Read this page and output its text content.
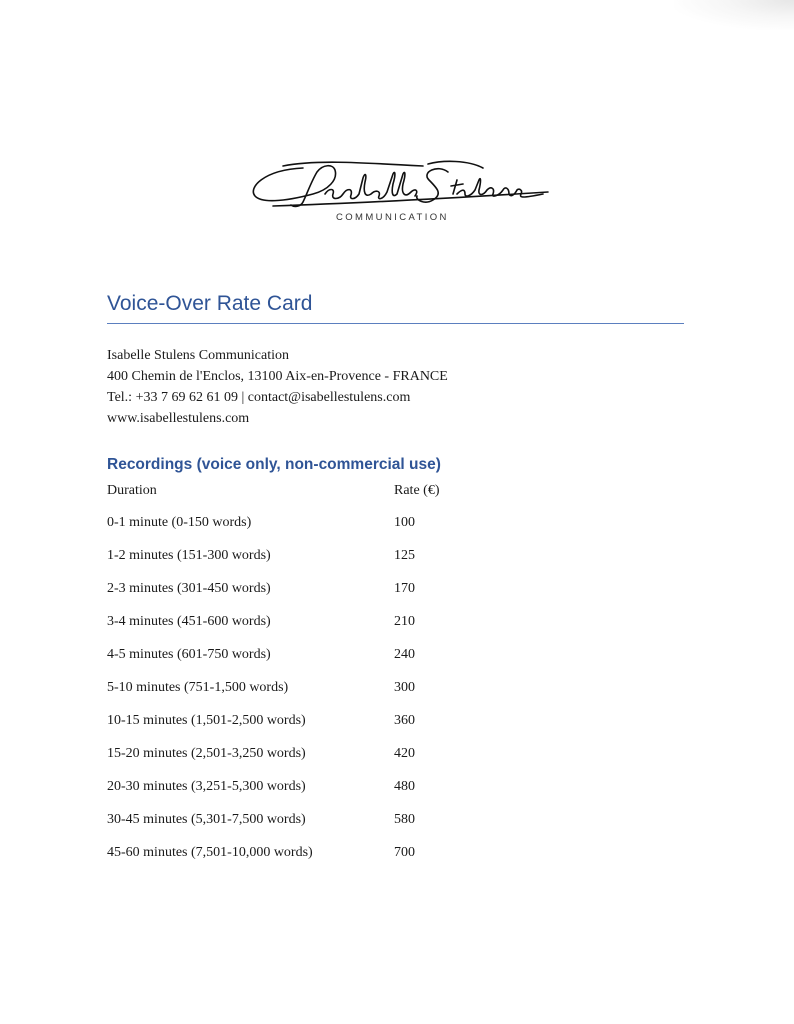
COMMUNICATION
Voice-Over Rate Card
Isabelle Stulens Communication
400 Chemin de l'Enclos, 13100 Aix-en-Provence - FRANCE
Tel.: +33 7 69 62 61 09 | contact@isabellestulens.com
www.isabellestulens.com
Recordings (voice only, non-commercial use)
Duration	Rate (€)
0-1 minute (0-150 words)	100
1-2 minutes (151-300 words)	125
2-3 minutes (301-450 words)	170
3-4 minutes (451-600 words)	210
4-5 minutes (601-750 words)	240
5-10 minutes (751-1,500 words)	300
10-15 minutes (1,501-2,500 words)	360
15-20 minutes (2,501-3,250 words)	420
20-30 minutes (3,251-5,300 words)	480
30-45 minutes (5,301-7,500 words)	580
45-60 minutes (7,501-10,000 words)	700
